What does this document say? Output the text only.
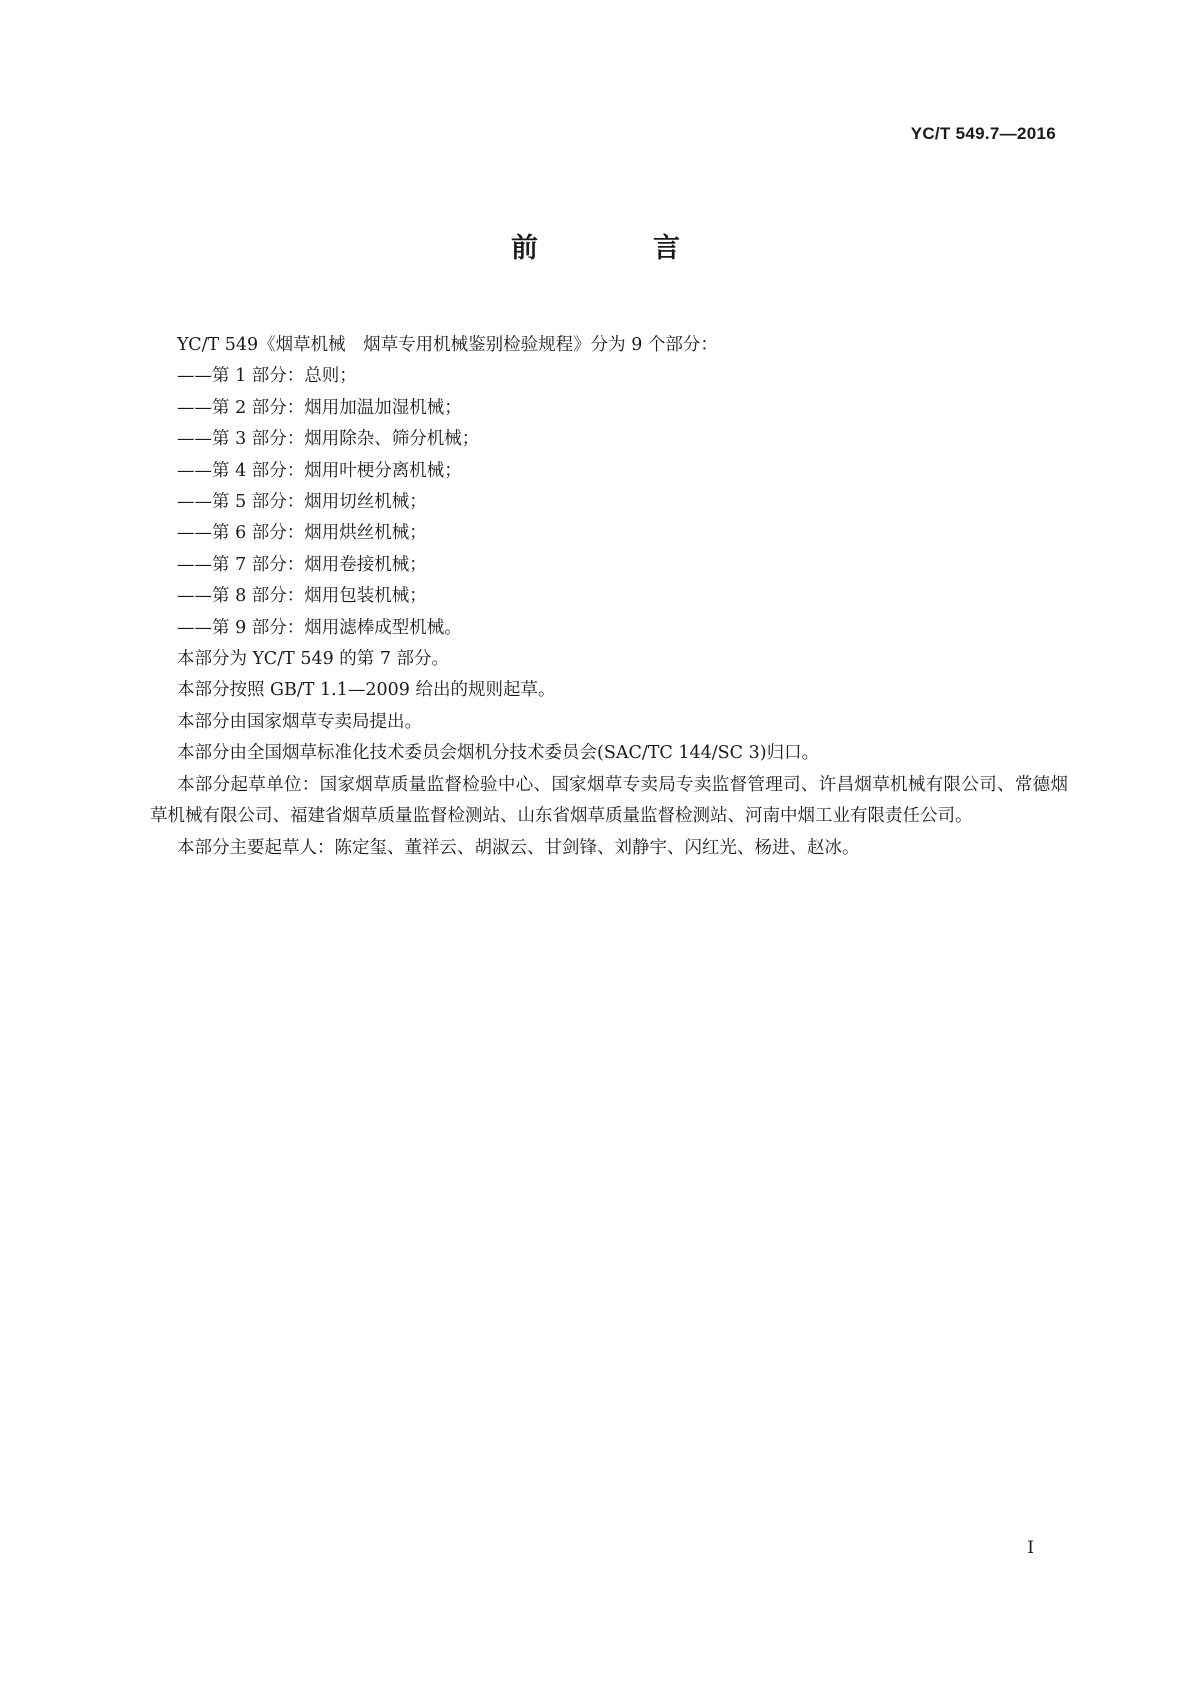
YC/T 549.7—2016
前　言

YC/T 549《烟草机械　烟草专用机械鉴别检验规程》分为 9 个部分：

——第 1 部分：总则；

——第 2 部分：烟用加温加湿机械；

——第 3 部分：烟用除杂、筛分机械；

——第 4 部分：烟用叶梗分离机械；

——第 5 部分：烟用切丝机械；

——第 6 部分：烟用烘丝机械；

——第 7 部分：烟用卷接机械；

——第 8 部分：烟用包装机械；

——第 9 部分：烟用滤棒成型机械。

本部分为 YC/T 549 的第 7 部分。

本部分按照 GB/T 1.1—2009 给出的规则起草。

本部分由国家烟草专卖局提出。

本部分由全国烟草标准化技术委员会烟机分技术委员会(SAC/TC 144/SC 3)归口。

本部分起草单位：国家烟草质量监督检验中心、国家烟草专卖局专卖监督管理司、许昌烟草机械有限公司、常德烟草机械有限公司、福建省烟草质量监督检测站、山东省烟草质量监督检测站、河南中烟工业有限责任公司。

本部分主要起草人：陈定玺、董祥云、胡淑云、甘剑锋、刘静宇、闪红光、杨进、赵冰。

I
